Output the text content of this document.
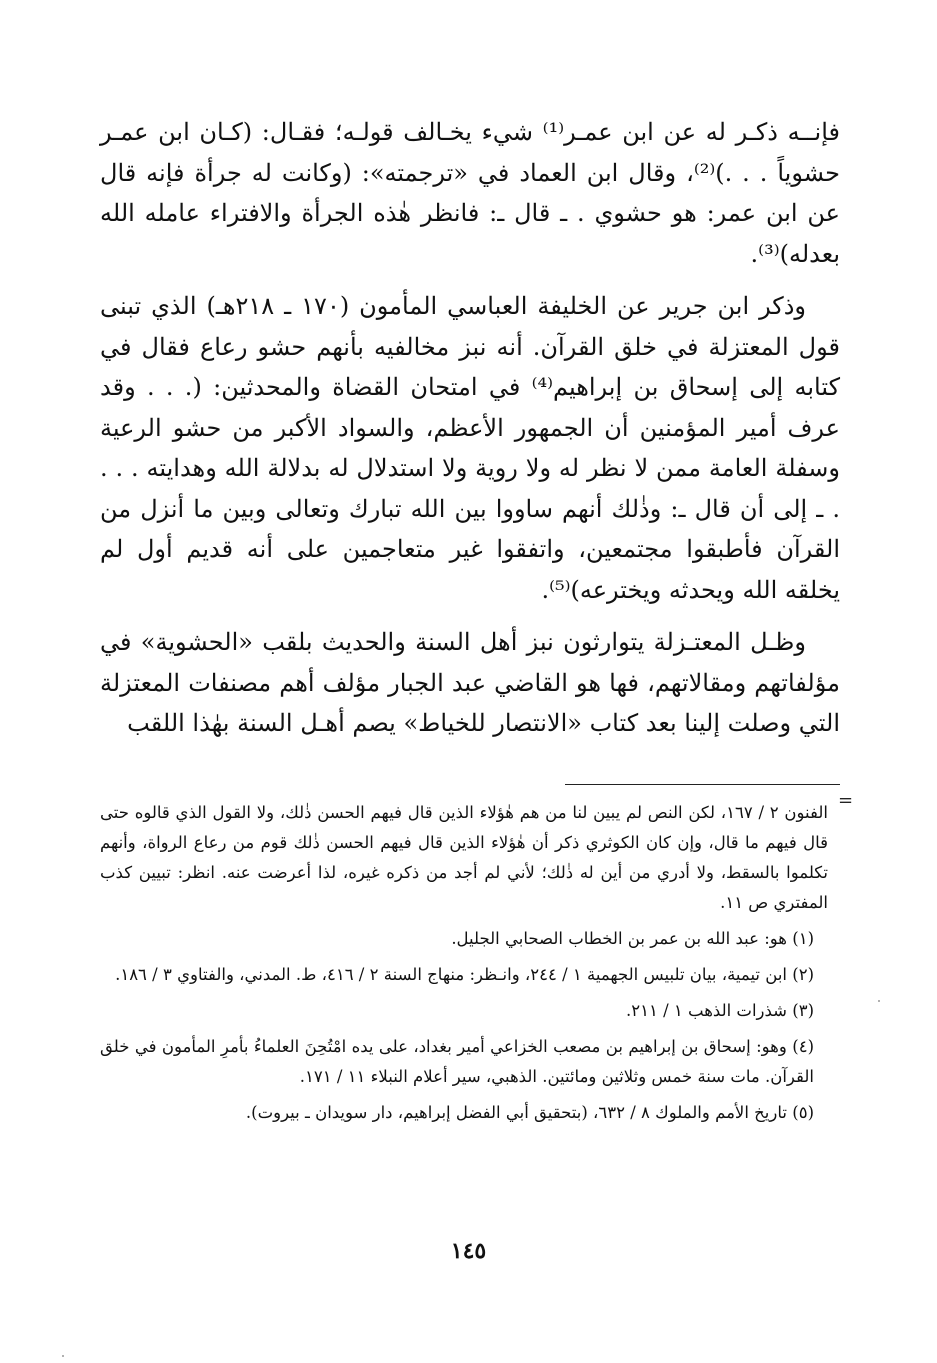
فإنــه ذكـر له عن ابن عمـر⁽¹⁾ شيء يخـالف قولـه؛ فقـال: (كـان ابن عمـر حشوياً . . .)⁽²⁾، وقال ابن العماد في «ترجمته»: (وكانت له جرأة فإنه قال عن ابن عمر: هو حشوي . ـ قال ـ: فانظر هٰذه الجرأة والافتراء عامله الله بعدله)⁽³⁾.

وذكر ابن جرير عن الخليفة العباسي المأمون (١٧٠ ـ ٢١٨هـ) الذي تبنى قول المعتزلة في خلق القرآن. أنه نبز مخالفيه بأنهم حشو رعاع فقال في كتابه إلى إسحاق بن إبراهيم⁽⁴⁾ في امتحان القضاة والمحدثين: (. . . وقد عرف أمير المؤمنين أن الجمهور الأعظم، والسواد الأكبر من حشو الرعية وسفلة العامة ممن لا نظر له ولا روية ولا استدلال له بدلالة الله وهدايته . . . . ـ إلى أن قال ـ: وذٰلك أنهم ساووا بين الله تبارك وتعالى وبين ما أنزل من القرآن فأطبقوا مجتمعين، واتفقوا غير متعاجمين على أنه قديم أول لم يخلقه الله ويحدثه ويخترعه)⁽⁵⁾.

وظـل المعتـزلة يتوارثون نبز أهل السنة والحديث بلقب «الحشوية» في مؤلفاتهم ومقالاتهم، فها هو القاضي عبد الجبار مؤلف أهم مصنفات المعتزلة التي وصلت إلينا بعد كتاب «الانتصار للخياط» يصم أهـل السنة بهٰذا اللقب

=

الفنون ٢ / ١٦٧، لكن النص لم يبين لنا من هم هٰؤلاء الذين قال فيهم الحسن ذٰلك، ولا القول الذي قالوه حتى قال فيهم ما قال، وإن كان الكوثري ذكر أن هٰؤلاء الذين قال فيهم الحسن ذٰلك قوم من رعاع الرواة، وأنهم تكلموا بالسقط، ولا أدري من أين له ذٰلك؛ لأني لم أجد من ذكره غيره، لذا أعرضت عنه. انظر: تبيين كذب المفتري ص ١١.

(١) هو: عبد الله بن عمر بن الخطاب الصحابي الجليل.

(٢) ابن تيمية، بيان تلبيس الجهمية ١ / ٢٤٤، وانـظر: منهاج السنة ٢ / ٤١٦، ط. المدني، والفتاوي ٣ / ١٨٦.

(٣) شذرات الذهب ١ / ٢١١.

(٤) وهو: إسحاق بن إبراهيم بن مصعب الخزاعي أمير بغداد، على يده امْتُحِنَ العلماءُ بأمرِ المأمون في خلق القرآن. مات سنة خمس وثلاثين ومائتين. الذهبي، سير أعلام النبلاء ١١ / ١٧١.

(٥) تاريخ الأمم والملوك ٨ / ٦٣٢، (بتحقيق أبي الفضل إبراهيم، دار سويدان ـ بيروت).

١٤٥
